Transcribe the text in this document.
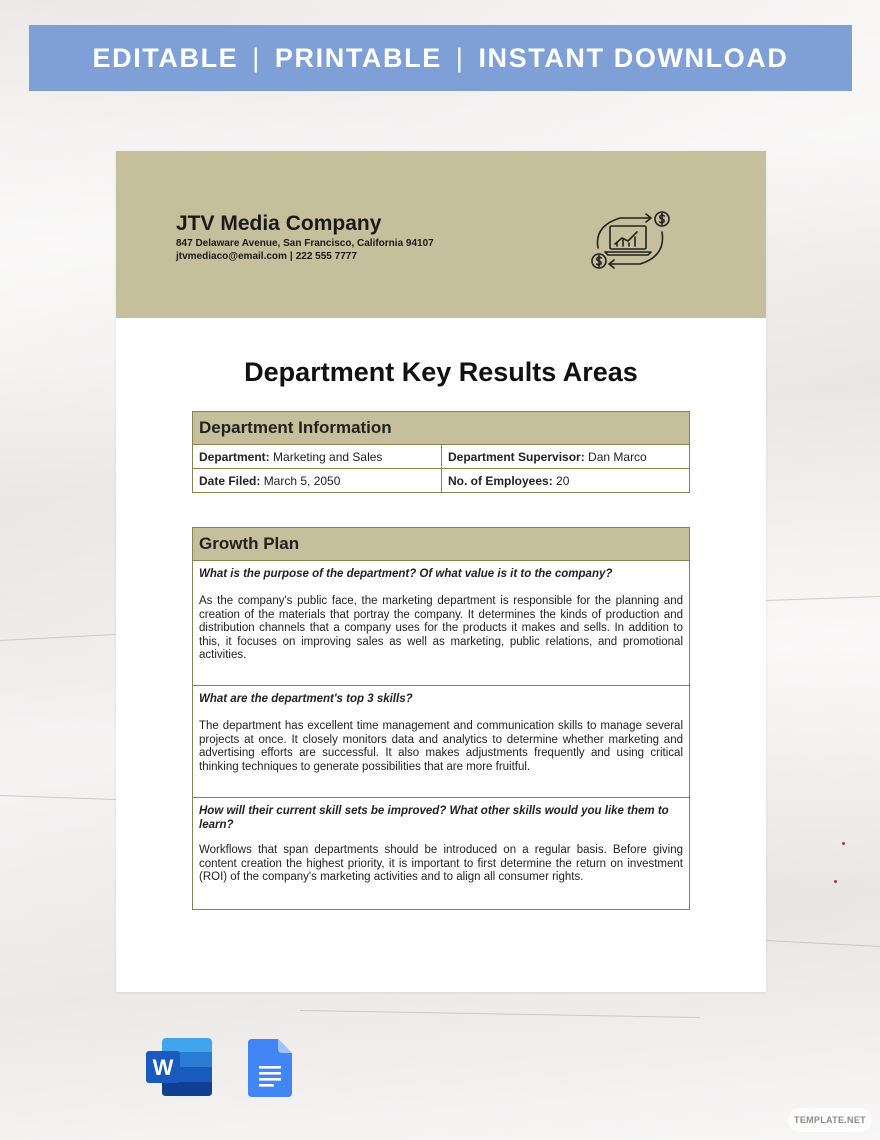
EDITABLE | PRINTABLE | INSTANT DOWNLOAD
JTV Media Company
847 Delaware Avenue, San Francisco, California 94107
jtvmediaco@email.com | 222 555 7777
Department Key Results Areas
Department Information	
Department: Marketing and Sales	Department Supervisor: Dan Marco
Date Filed: March 5, 2050	No. of Employees: 20
Growth Plan

What is the purpose of the department? Of what value is it to the company?
As the company's public face, the marketing department is responsible for the planning and creation of the materials that portray the company. It determines the kinds of production and distribution channels that a company uses for the products it makes and sells. In addition to this, it focuses on improving sales as well as marketing, public relations, and promotional activities.

What are the department's top 3 skills?
The department has excellent time management and communication skills to manage several projects at once. It closely monitors data and analytics to determine whether marketing and advertising efforts are successful. It also makes adjustments frequently and using critical thinking techniques to generate possibilities that are more fruitful.

How will their current skill sets be improved? What other skills would you like them to learn?
Workflows that span departments should be introduced on a regular basis. Before giving content creation the highest priority, it is important to first determine the return on investment (ROI) of the company's marketing activities and to align all consumer rights.
W
TEMPLATE.NET
